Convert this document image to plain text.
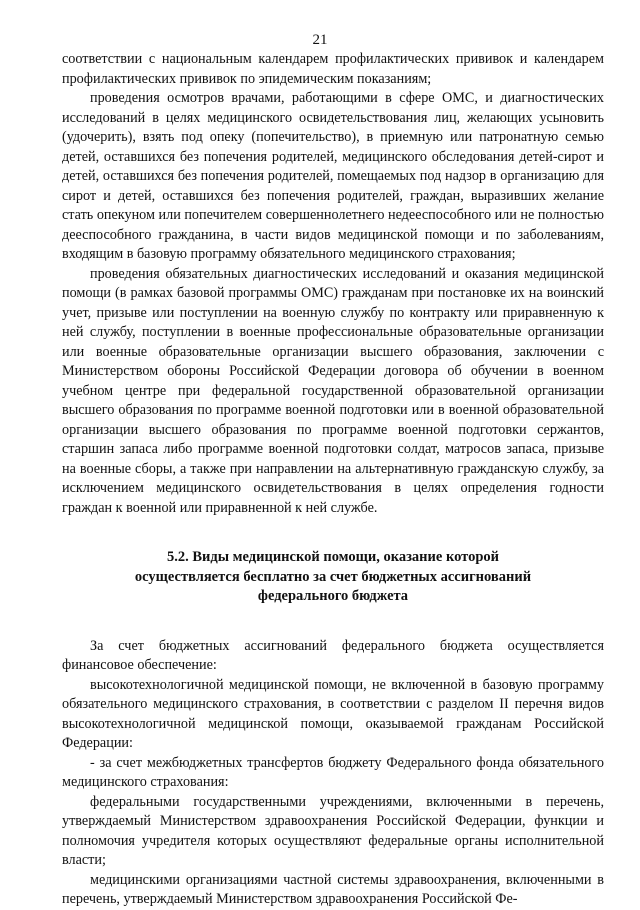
21

соответствии с национальным календарем профилактических прививок и календарем профилактических прививок по эпидемическим показаниям;

проведения осмотров врачами, работающими в сфере ОМС, и диагностических исследований в целях медицинского освидетельствования лиц, желающих усыновить (удочерить), взять под опеку (попечительство), в приемную или патронатную семью детей, оставшихся без попечения родителей, медицинского обследования детей-сирот и детей, оставшихся без попечения родителей, помещаемых под надзор в организацию для сирот и детей, оставшихся без попечения родителей, граждан, выразивших желание стать опекуном или попечителем совершеннолетнего недееспособного или не полностью дееспособного гражданина, в части видов медицинской помощи и по заболеваниям, входящим в базовую программу обязательного медицинского страхования;

проведения обязательных диагностических исследований и оказания медицинской помощи (в рамках базовой программы ОМС) гражданам при постановке их на воинский учет, призыве или поступлении на военную службу по контракту или приравненную к ней службу, поступлении в военные профессиональные образовательные организации или военные образовательные организации высшего образования, заключении с Министерством обороны Российской Федерации договора об обучении в военном учебном центре при федеральной государственной образовательной организации высшего образования по программе военной подготовки или в военной образовательной организации высшего образования по программе военной подготовки сержантов, старшин запаса либо программе военной подготовки солдат, матросов запаса, призыве на военные сборы, а также при направлении на альтернативную гражданскую службу, за исключением медицинского освидетельствования в целях определения годности граждан к военной или приравненной к ней службе.

5.2. Виды медицинской помощи, оказание которой
осуществляется бесплатно за счет бюджетных ассигнований
федерального бюджета

За счет бюджетных ассигнований федерального бюджета осуществляется финансовое обеспечение:

высокотехнологичной медицинской помощи, не включенной в базовую программу обязательного медицинского страхования, в соответствии с разделом II перечня видов высокотехнологичной медицинской помощи, оказываемой гражданам Российской Федерации:

- за счет межбюджетных трансфертов бюджету Федерального фонда обязательного медицинского страхования:

федеральными государственными учреждениями, включенными в перечень, утверждаемый Министерством здравоохранения Российской Федерации, функции и полномочия учредителя которых осуществляют федеральные органы исполнительной власти;

медицинскими организациями частной системы здравоохранения, включенными в перечень, утверждаемый Министерством здравоохранения Российской Фе-
